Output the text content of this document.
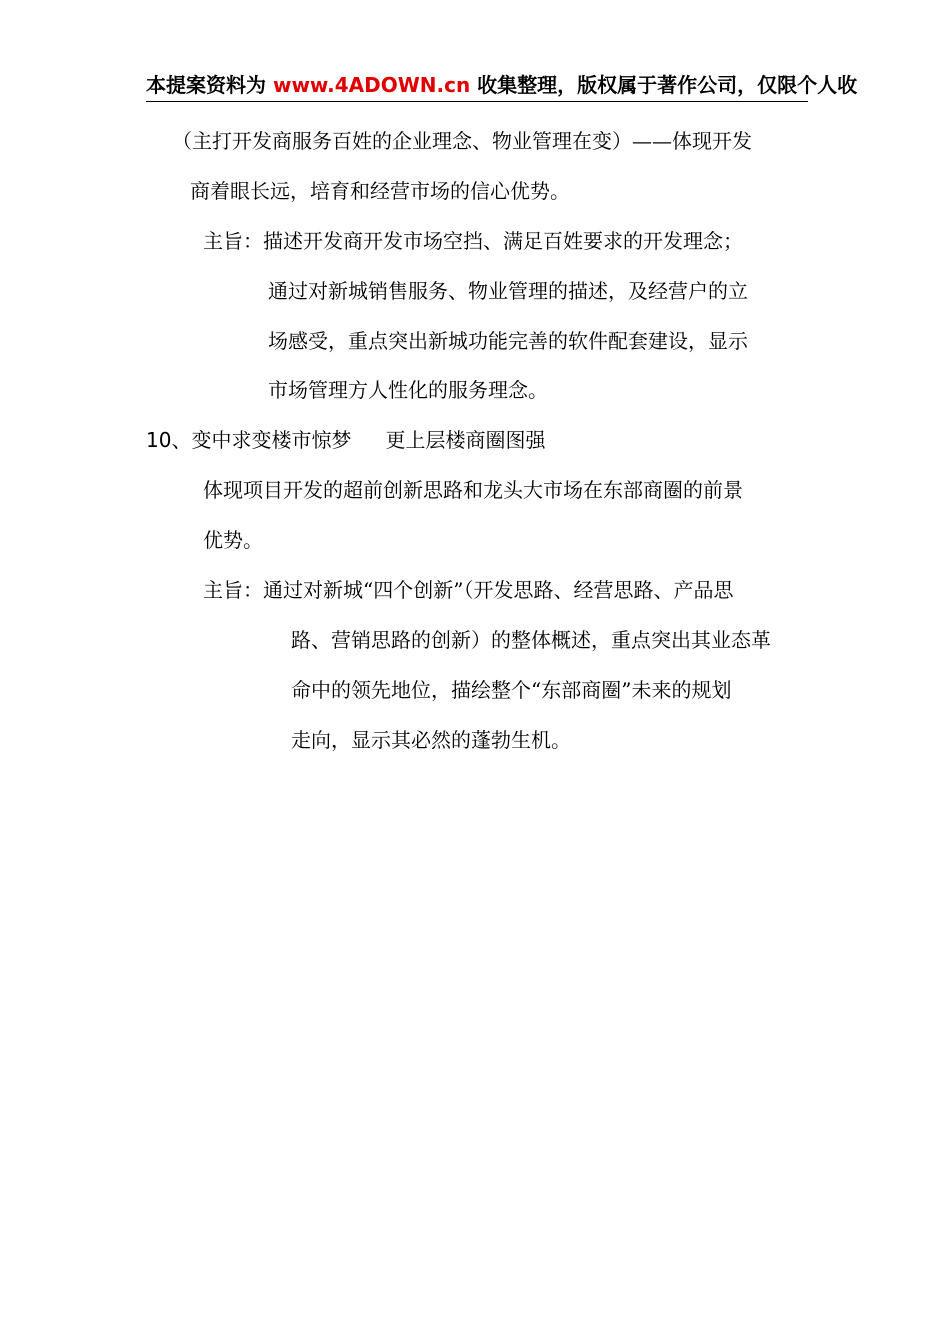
本提案资料为 www.4ADOWN.cn 收集整理，版权属于著作公司，仅限个人收
（主打开发商服务百姓的企业理念、物业管理在变）——体现开发
商着眼长远，培育和经营市场的信心优势。
主旨：描述开发商开发市场空挡、满足百姓要求的开发理念；
通过对新城销售服务、物业管理的描述，及经营户的立
场感受，重点突出新城功能完善的软件配套建设，显示
市场管理方人性化的服务理念。
10、变中求变楼市惊梦 更上层楼商圈图强
体现项目开发的超前创新思路和龙头大市场在东部商圈的前景
优势。
主旨：通过对新城“四个创新”（开发思路、经营思路、产品思
路、营销思路的创新）的整体概述，重点突出其业态革
命中的领先地位，描绘整个“东部商圈”未来的规划
走向，显示其必然的蓬勃生机。
